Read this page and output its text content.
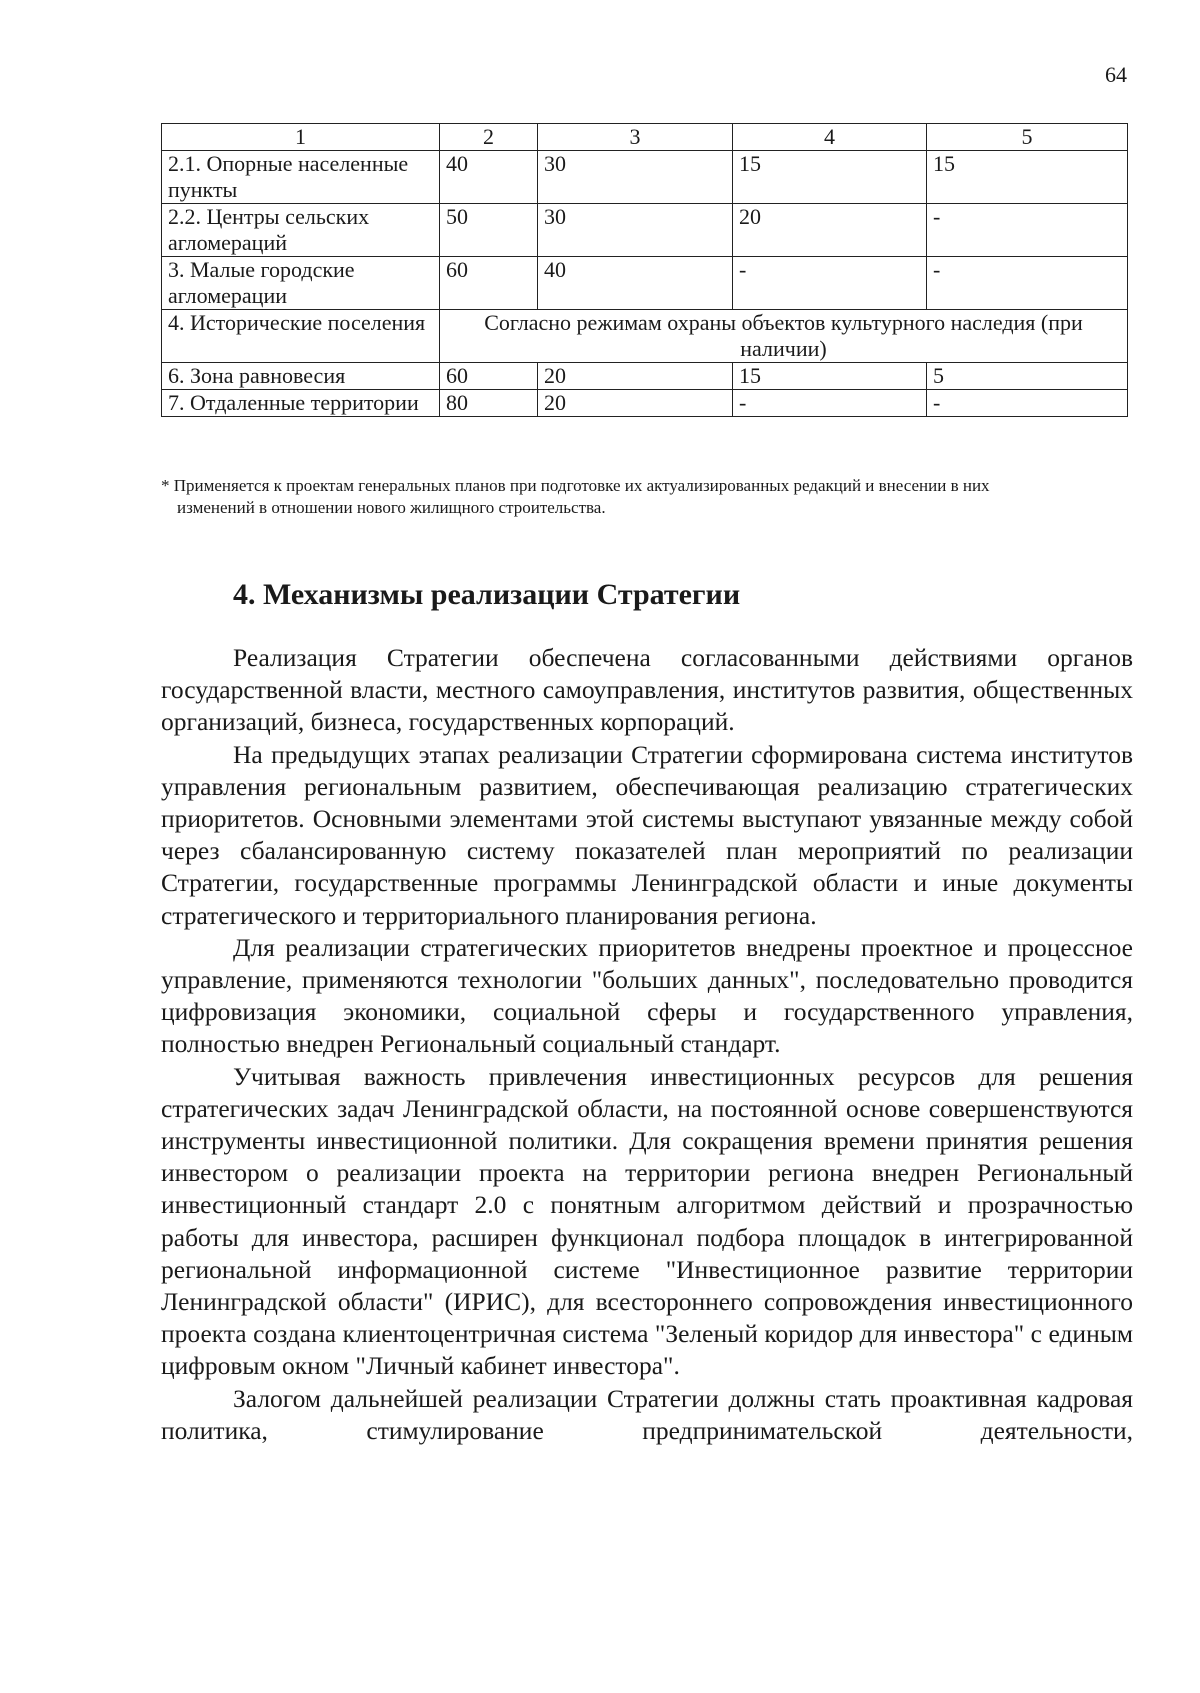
64
1	2	3	4	5
2.1. Опорные населенные пункты	40	30	15	15
2.2. Центры сельских агломераций	50	30	20	-
3. Малые городские агломерации	60	40	-	-
4. Исторические поселения	Согласно режимам охраны объектов культурного наследия (при наличии)			
6. Зона равновесия	60	20	15	5
7. Отдаленные территории	80	20	-	-
* Применяется к проектам генеральных планов при подготовке их актуализированных редакций и внесении в них
изменений в отношении нового жилищного строительства.
4. Механизмы реализации Стратегии

Реализация Стратегии обеспечена согласованными действиями органов государственной власти, местного самоуправления, институтов развития, общественных организаций, бизнеса, государственных корпораций.

На предыдущих этапах реализации Стратегии сформирована система институтов управления региональным развитием, обеспечивающая реализацию стратегических приоритетов. Основными элементами этой системы выступают увязанные между собой через сбалансированную систему показателей план мероприятий по реализации Стратегии, государственные программы Ленинградской области и иные документы стратегического и территориального планирования региона.

Для реализации стратегических приоритетов внедрены проектное и процессное управление, применяются технологии "больших данных", последовательно проводится цифровизация экономики, социальной сферы и государственного управления, полностью внедрен Региональный социальный стандарт.

Учитывая важность привлечения инвестиционных ресурсов для решения стратегических задач Ленинградской области, на постоянной основе совершенствуются инструменты инвестиционной политики. Для сокращения времени принятия решения инвестором о реализации проекта на территории региона внедрен Региональный инвестиционный стандарт 2.0 с понятным алгоритмом действий и прозрачностью работы для инвестора, расширен функционал подбора площадок в интегрированной региональной информационной системе "Инвестиционное развитие территории Ленинградской области" (ИРИС), для всестороннего сопровождения инвестиционного проекта создана клиентоцентричная система "Зеленый коридор для инвестора" с единым цифровым окном "Личный кабинет инвестора".

Залогом дальнейшей реализации Стратегии должны стать проактивная кадровая политика, стимулирование предпринимательской деятельности,
